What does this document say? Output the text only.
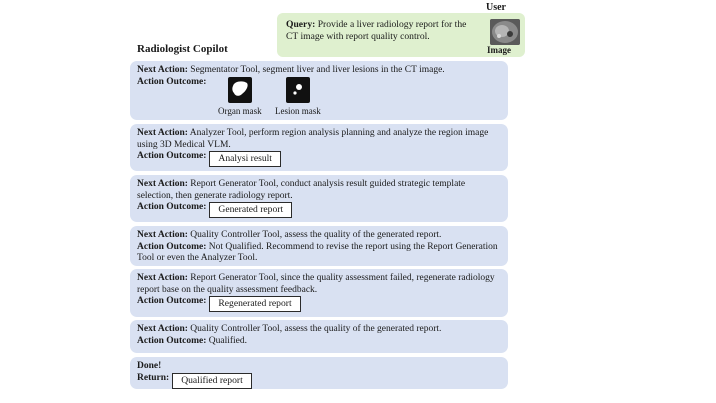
User
Query: Provide a liver radiology report for the CT image with report quality control.
Image
Radiologist Copilot
Next Action: Segmentator Tool, segment liver and liver lesions in the CT image.
Action Outcome:
Organ mask Lesion mask
Next Action: Analyzer Tool, perform region analysis planning and analyze the region image using 3D Medical VLM.
Action Outcome: Analysi result
Next Action: Report Generator Tool, conduct analysis result guided strategic template selection, then generate radiology report.
Action Outcome: Generated report
Next Action: Quality Controller Tool, assess the quality of the generated report.
Action Outcome: Not Qualified. Recommend to revise the report using the Report Generation Tool or even the Analyzer Tool.
Next Action: Report Generator Tool, since the quality assessment failed, regenerate radiology report base on the quality assessment feedback.
Action Outcome: Regenerated report
Next Action: Quality Controller Tool, assess the quality of the generated report.
Action Outcome: Qualified.
Done!
Return: Qualified report
